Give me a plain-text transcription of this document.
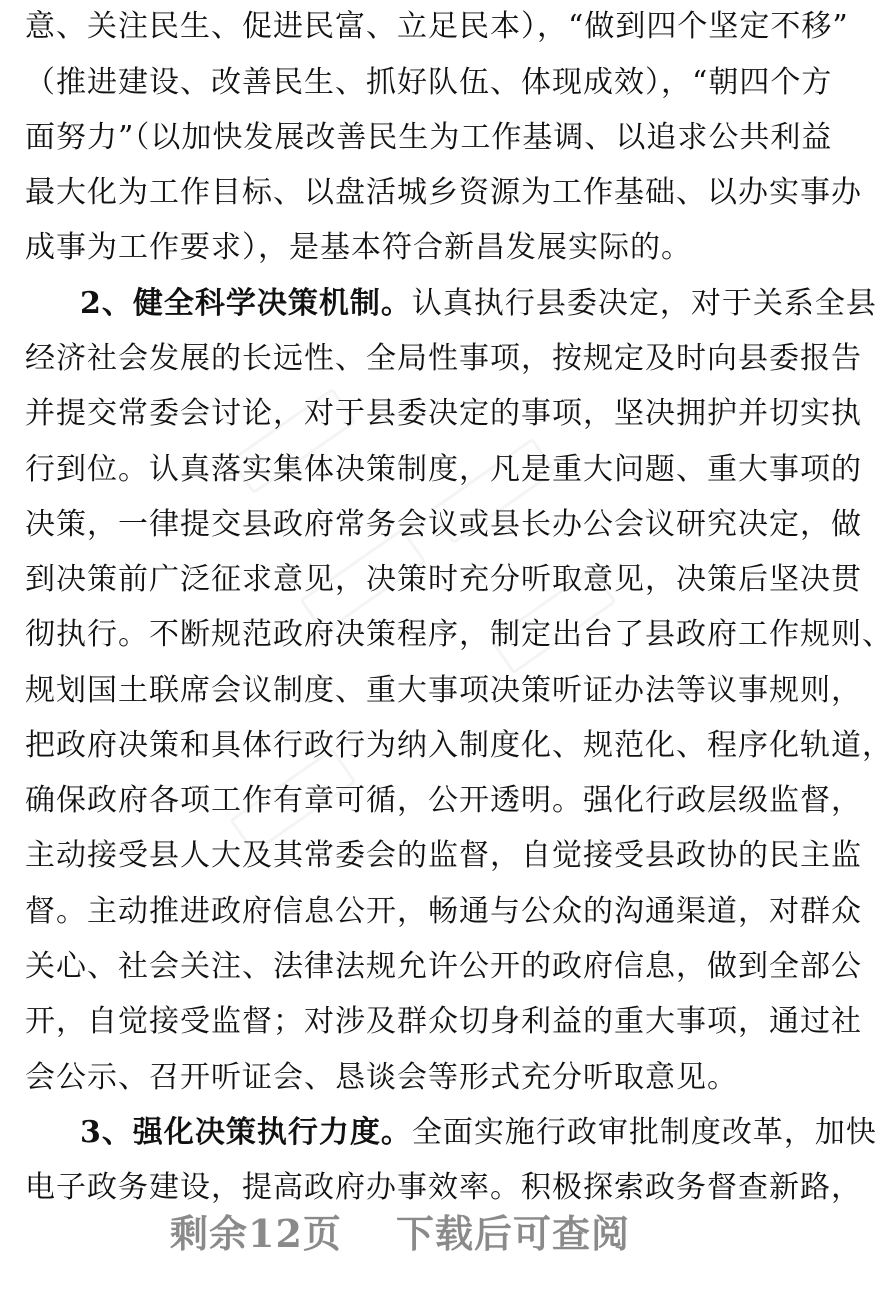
意、关注民生、促进民富、立足民本），“做到四个坚定不移”
（推进建设、改善民生、抓好队伍、体现成效），“朝四个方
面努力”（以加快发展改善民生为工作基调、以追求公共利益
最大化为工作目标、以盘活城乡资源为工作基础、以办实事办
成事为工作要求），是基本符合新昌发展实际的。
2、健全科学决策机制。认真执行县委决定，对于关系全县
经济社会发展的长远性、全局性事项，按规定及时向县委报告
并提交常委会讨论，对于县委决定的事项，坚决拥护并切实执
行到位。认真落实集体决策制度，凡是重大问题、重大事项的
决策，一律提交县政府常务会议或县长办公会议研究决定，做
到决策前广泛征求意见，决策时充分听取意见，决策后坚决贯
彻执行。不断规范政府决策程序，制定出台了县政府工作规则、
规划国土联席会议制度、重大事项决策听证办法等议事规则，
把政府决策和具体行政行为纳入制度化、规范化、程序化轨道，
确保政府各项工作有章可循，公开透明。强化行政层级监督，
主动接受县人大及其常委会的监督，自觉接受县政协的民主监
督。主动推进政府信息公开，畅通与公众的沟通渠道，对群众
关心、社会关注、法律法规允许公开的政府信息，做到全部公
开，自觉接受监督；对涉及群众切身利益的重大事项，通过社
会公示、召开听证会、恳谈会等形式充分听取意见。
3、强化决策执行力度。全面实施行政审批制度改革，加快
电子政务建设，提高政府办事效率。积极探索政务督查新路，
剩余12页 下载后可查阅
